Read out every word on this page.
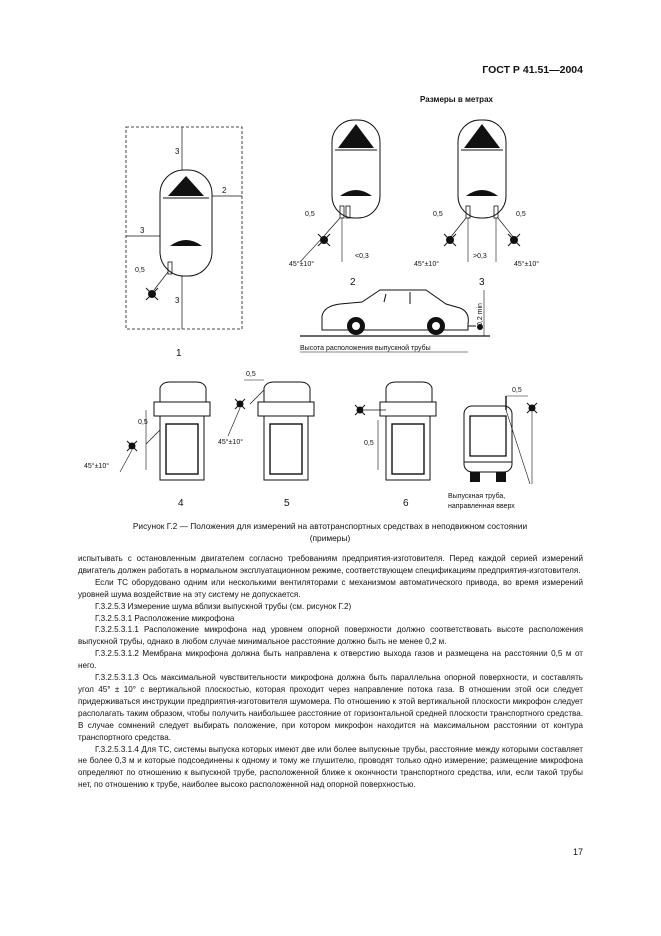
ГОСТ Р 41.51—2004
Размеры в метрах
3
2
3
0,5
3
1
0,5
45°±10°
<0,3
2
0,5	0,5
45°±10°	45°±10°
>0,3
3
0,2 min
Высота расположения выпускной трубы
0,5
45°±10°
4
0,5
45°±10°
5
0,5
6
0,5
Выпускная труба,
направленная вверх
Рисунок Г.2 — Положения для измерений на автотранспортных средствах в неподвижном состоянии
(примеры)

испытывать с остановленным двигателем согласно требованиям предприятия-изготовителя. Перед каждой серией измерений двигатель должен работать в нормальном эксплуатационном режиме, соответствующем спецификациям предприятия-изготовителя.

Если ТС оборудовано одним или несколькими вентиляторами с механизмом автоматического привода, во время измерений уровней шума воздействие на эту систему не допускается.

Г.3.2.5.3 Измерение шума вблизи выпускной трубы (см. рисунок Г.2)

Г.3.2.5.3.1 Расположение микрофона

Г.3.2.5.3.1.1 Расположение микрофона над уровнем опорной поверхности должно соответствовать высоте расположения выпускной трубы, однако в любом случае минимальное расстояние должно быть не менее 0,2 м.

Г.3.2.5.3.1.2 Мембрана микрофона должна быть направлена к отверстию выхода газов и размещена на расстоянии 0,5 м от него.

Г.3.2.5.3.1.3 Ось максимальной чувствительности микрофона должна быть параллельна опорной поверхности, и составлять угол 45° ± 10° с вертикальной плоскостью, которая проходит через направление потока газа. В отношении этой оси следует придерживаться инструкции предприятия-изготовителя шумомера. По отношению к этой вертикальной плоскости микрофон следует располагать таким образом, чтобы получить наибольшее расстояние от горизонтальной средней плоскости транспортного средства. В случае сомнений следует выбирать положение, при котором микрофон находится на максимальном расстоянии от контура транспортного средства.

Г.3.2.5.3.1.4 Для ТС, системы выпуска которых имеют две или более выпускные трубы, расстояние между которыми составляет не более 0,3 м и которые подсоединены к одному и тому же глушителю, проводят только одно измерение; размещение микрофона определяют по отношению к выпускной трубе, расположенной ближе к окончности транспортного средства, или, если такой трубы нет, по отношению к трубе, наиболее высоко расположенной над опорной поверхностью.

17
